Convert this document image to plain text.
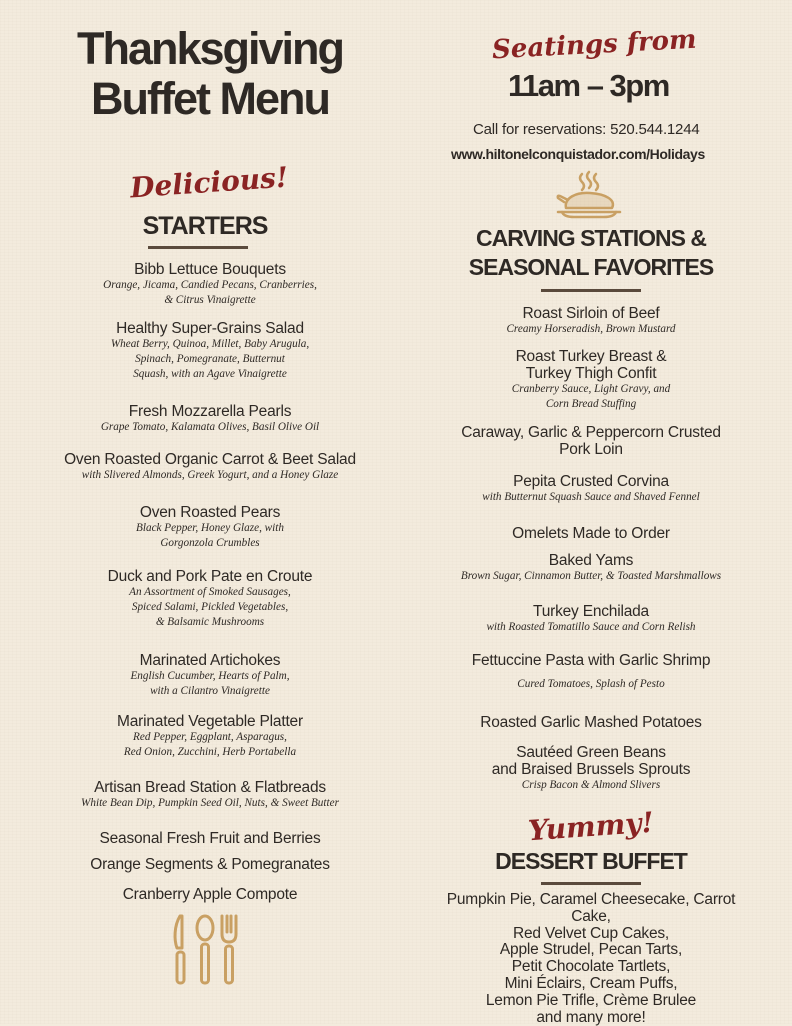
Thanksgiving
Buffet Menu
Delicious!
STARTERS
Bibb Lettuce Bouquets
Orange, Jicama, Candied Pecans, Cranberries,
& Citrus Vinaigrette
Healthy Super-Grains Salad
Wheat Berry, Quinoa, Millet, Baby Arugula,
Spinach, Pomegranate, Butternut
Squash, with an Agave Vinaigrette
Fresh Mozzarella Pearls
Grape Tomato, Kalamata Olives, Basil Olive Oil
Oven Roasted Organic Carrot & Beet Salad
with Slivered Almonds, Greek Yogurt, and a Honey Glaze
Oven Roasted Pears
Black Pepper, Honey Glaze, with
Gorgonzola Crumbles
Duck and Pork Pate en Croute
An Assortment of Smoked Sausages,
Spiced Salami, Pickled Vegetables,
& Balsamic Mushrooms
Marinated Artichokes
English Cucumber, Hearts of Palm,
with a Cilantro Vinaigrette
Marinated Vegetable Platter
Red Pepper, Eggplant, Asparagus,
Red Onion, Zucchini, Herb Portabella
Artisan Bread Station & Flatbreads
White Bean Dip, Pumpkin Seed Oil, Nuts, & Sweet Butter
Seasonal Fresh Fruit and Berries
Orange Segments & Pomegranates
Cranberry Apple Compote
Seatings from
11am – 3pm
Call for reservations: 520.544.1244
www.hiltonelconquistador.com/Holidays
CARVING STATIONS &
SEASONAL FAVORITES
Roast Sirloin of Beef
Creamy Horseradish, Brown Mustard
Roast Turkey Breast &
Turkey Thigh Confit
Cranberry Sauce, Light Gravy, and
Corn Bread Stuffing
Caraway, Garlic & Peppercorn Crusted
Pork Loin
Pepita Crusted Corvina
with Butternut Squash Sauce and Shaved Fennel
Omelets Made to Order
Baked Yams
Brown Sugar, Cinnamon Butter, & Toasted Marshmallows
Turkey Enchilada
with Roasted Tomatillo Sauce and Corn Relish
Fettuccine Pasta with Garlic Shrimp
Cured Tomatoes, Splash of Pesto
Roasted Garlic Mashed Potatoes
Sautéed Green Beans
and Braised Brussels Sprouts
Crisp Bacon & Almond Slivers
Yummy!
DESSERT BUFFET
Pumpkin Pie, Caramel Cheesecake, Carrot Cake,
Red Velvet Cup Cakes,
Apple Strudel, Pecan Tarts,
Petit Chocolate Tartlets,
Mini Éclairs, Cream Puffs,
Lemon Pie Trifle, Crème Brulee
and many more!
